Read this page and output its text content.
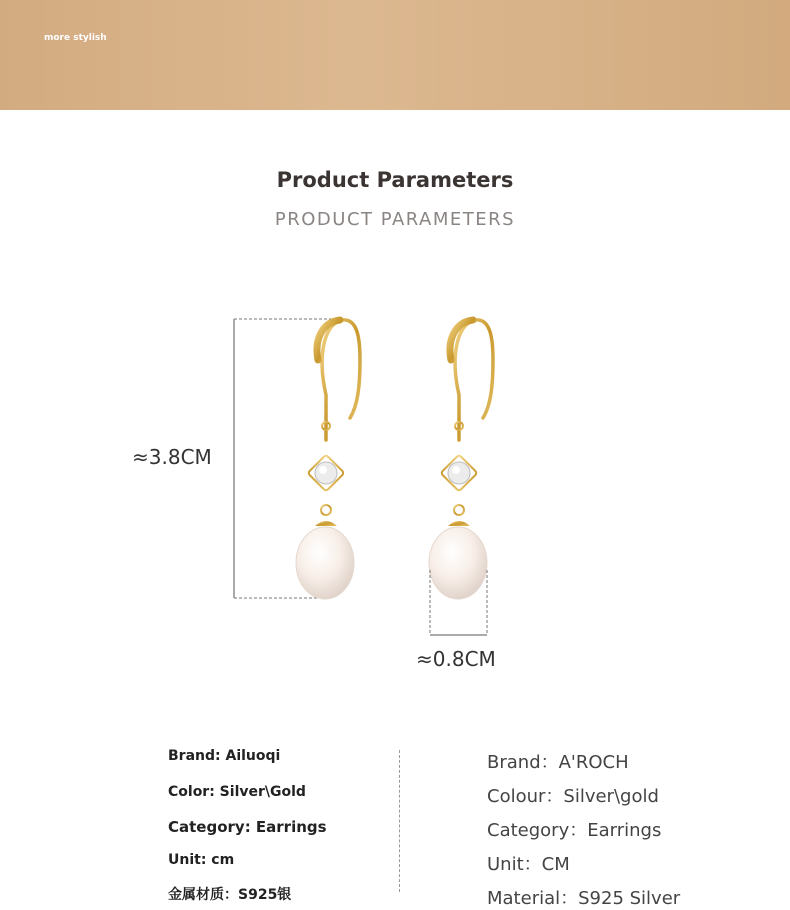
more stylish
Product Parameters
PRODUCT PARAMETERS
≈3.8CM
≈0.8CM
Brand: Ailuoqi
Color: Silver\Gold
Category: Earrings
Unit: cm
金属材质：S925银
Brand：A'ROCH
Colour：Silver\gold
Category：Earrings
Unit：CM
Material：S925 Silver
